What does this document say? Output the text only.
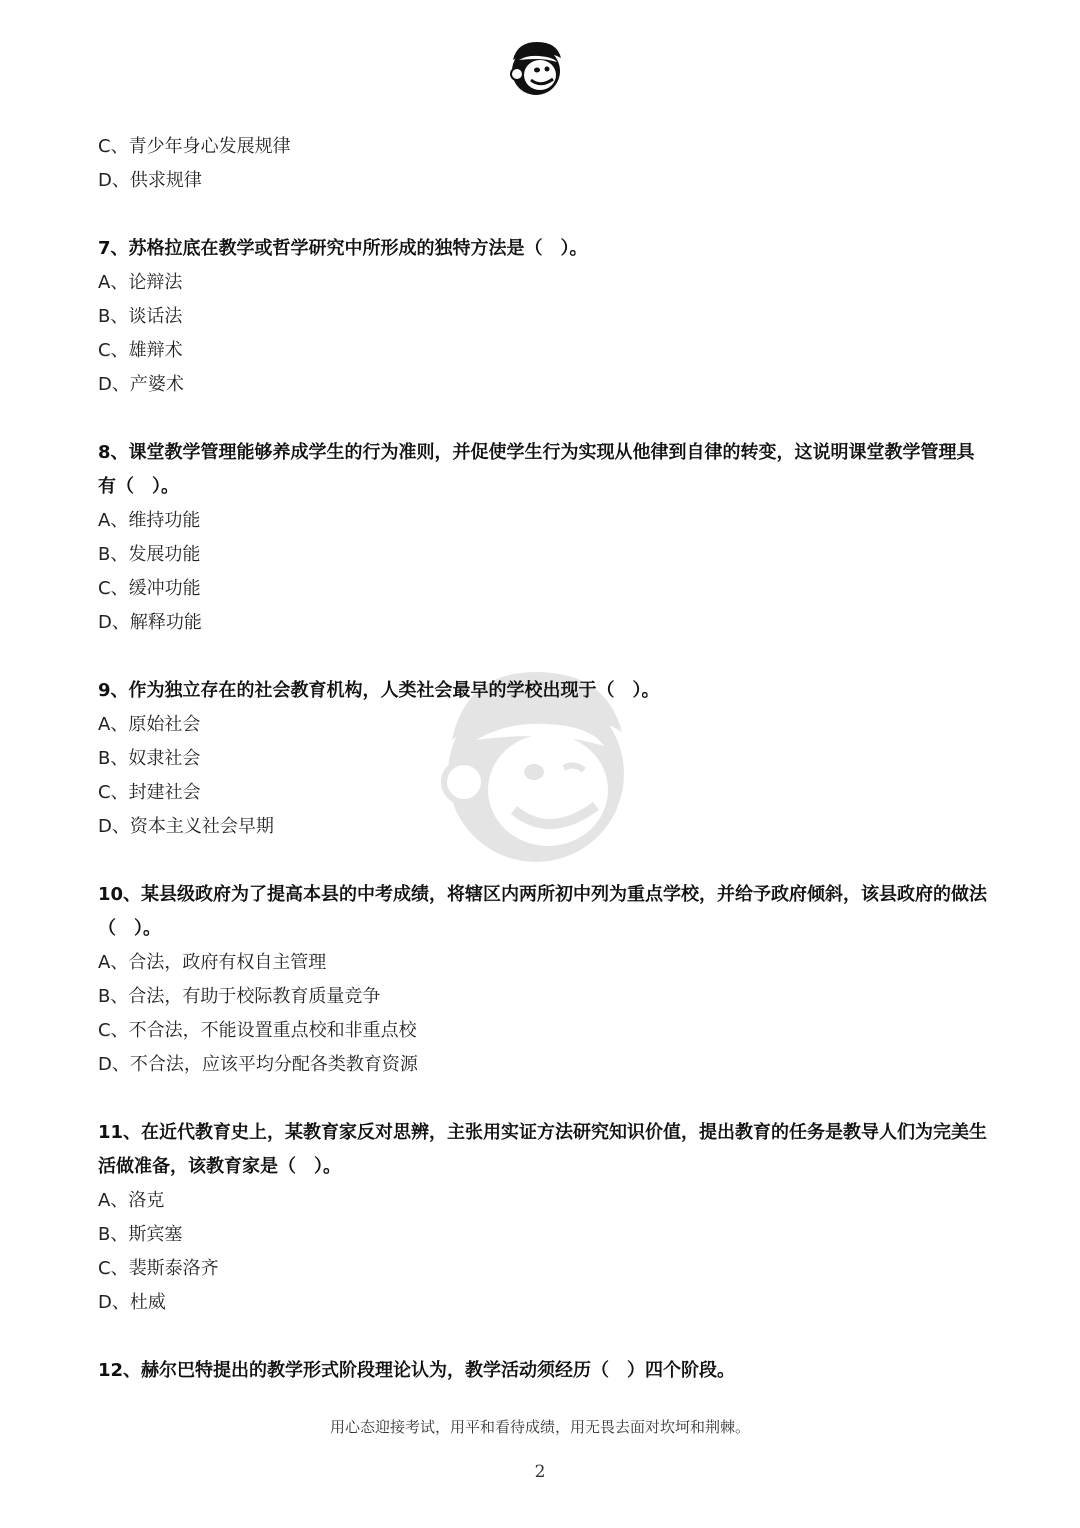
C、青少年身心发展规律
D、供求规律
7、苏格拉底在教学或哲学研究中所形成的独特方法是（　）。
A、论辩法
B、谈话法
C、雄辩术
D、产婆术
8、课堂教学管理能够养成学生的行为准则，并促使学生行为实现从他律到自律的转变，这说明课堂教学管理具有（　）。
A、维持功能
B、发展功能
C、缓冲功能
D、解释功能
9、作为独立存在的社会教育机构，人类社会最早的学校出现于（　）。
A、原始社会
B、奴隶社会
C、封建社会
D、资本主义社会早期
10、某县级政府为了提高本县的中考成绩，将辖区内两所初中列为重点学校，并给予政府倾斜，该县政府的做法（　）。
A、合法，政府有权自主管理
B、合法，有助于校际教育质量竞争
C、不合法，不能设置重点校和非重点校
D、不合法，应该平均分配各类教育资源
11、在近代教育史上，某教育家反对思辨，主张用实证方法研究知识价值，提出教育的任务是教导人们为完美生活做准备，该教育家是（　）。
A、洛克
B、斯宾塞
C、裴斯泰洛齐
D、杜威
12、赫尔巴特提出的教学形式阶段理论认为，教学活动须经历（　）四个阶段。
用心态迎接考试，用平和看待成绩，用无畏去面对坎坷和荆棘。
2
